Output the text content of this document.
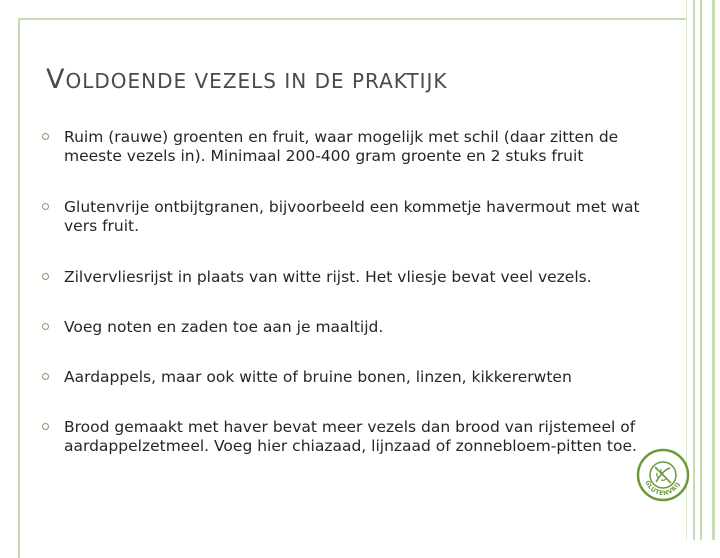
VOLDOENDE VEZELS IN DE PRAKTIJK
Ruim (rauwe) groenten en fruit, waar mogelijk met schil (daar zitten de meeste vezels in). Minimaal 200-400 gram groente en 2 stuks fruit
Glutenvrije ontbijtgranen, bijvoorbeeld een kommetje havermout met wat vers fruit.
Zilvervliesrijst in plaats van witte rijst. Het vliesje bevat veel vezels.
Voeg noten en zaden toe aan je maaltijd.
Aardappels, maar ook witte of bruine bonen, linzen, kikkererwten
Brood gemaakt met haver bevat meer vezels dan brood van rijstemeel of aardappelzetmeel. Voeg hier chiazaad, lijnzaad of zonnebloem-pitten toe.
GLUTENVRIJ
